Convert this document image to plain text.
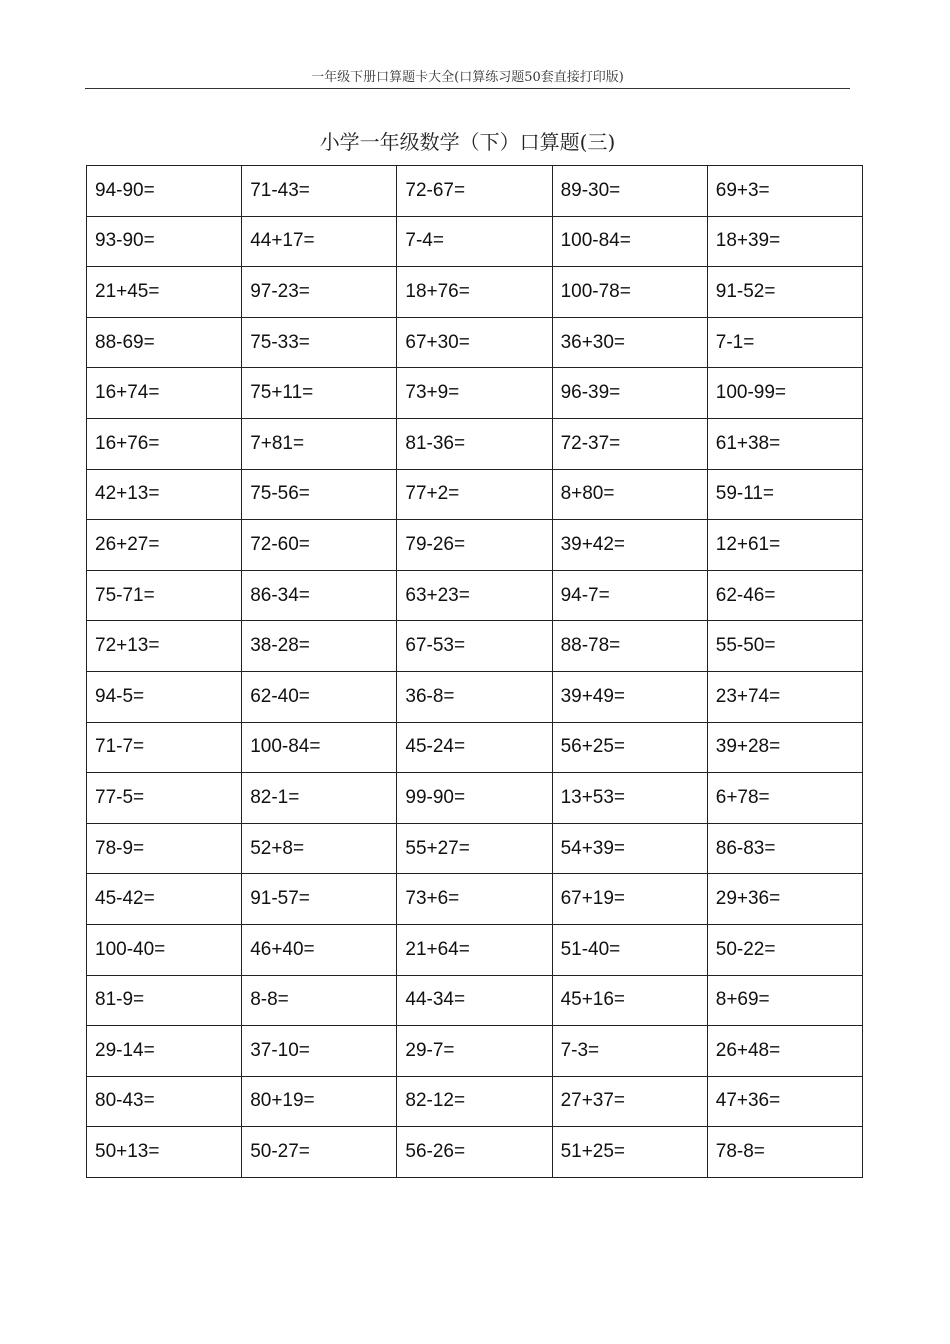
一年级下册口算题卡大全(口算练习题50套直接打印版)
小学一年级数学（下）口算题(三)
94-90=	71-43=	72-67=	89-30=	69+3=
93-90=	44+17=	7-4=	100-84=	18+39=
21+45=	97-23=	18+76=	100-78=	91-52=
88-69=	75-33=	67+30=	36+30=	7-1=
16+74=	75+11=	73+9=	96-39=	100-99=
16+76=	7+81=	81-36=	72-37=	61+38=
42+13=	75-56=	77+2=	8+80=	59-11=
26+27=	72-60=	79-26=	39+42=	12+61=
75-71=	86-34=	63+23=	94-7=	62-46=
72+13=	38-28=	67-53=	88-78=	55-50=
94-5=	62-40=	36-8=	39+49=	23+74=
71-7=	100-84=	45-24=	56+25=	39+28=
77-5=	82-1=	99-90=	13+53=	6+78=
78-9=	52+8=	55+27=	54+39=	86-83=
45-42=	91-57=	73+6=	67+19=	29+36=
100-40=	46+40=	21+64=	51-40=	50-22=
81-9=	8-8=	44-34=	45+16=	8+69=
29-14=	37-10=	29-7=	7-3=	26+48=
80-43=	80+19=	82-12=	27+37=	47+36=
50+13=	50-27=	56-26=	51+25=	78-8=
